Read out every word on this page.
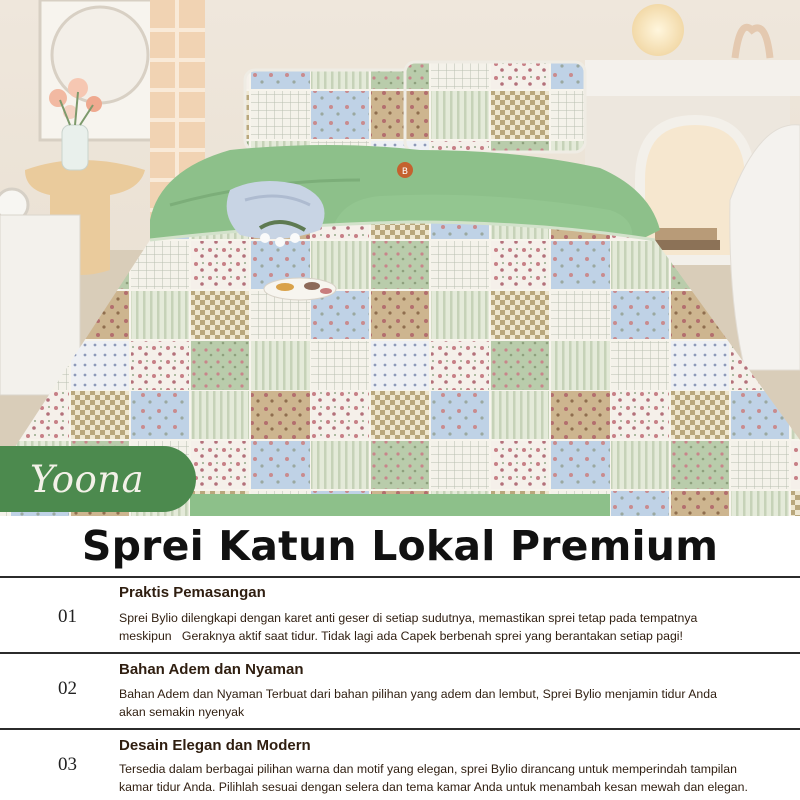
B
Yoona
Sprei Katun Lokal Premium
01
Praktis Pemasangan
Sprei Bylio dilengkapi dengan karet anti geser di setiap sudutnya, memastikan sprei tetap pada tempatnya
meskipun   Geraknya aktif saat tidur. Tidak lagi ada Capek berbenah sprei yang berantakan setiap pagi!
02
Bahan Adem dan Nyaman
Bahan Adem dan Nyaman Terbuat dari bahan pilihan yang adem dan lembut, Sprei Bylio menjamin tidur Anda
akan semakin nyenyak
03
Desain Elegan dan Modern
Tersedia dalam berbagai pilihan warna dan motif yang elegan, sprei Bylio dirancang untuk memperindah tampilan
kamar tidur Anda. Pilihlah sesuai dengan selera dan tema kamar Anda untuk menambah kesan mewah dan elegan.
